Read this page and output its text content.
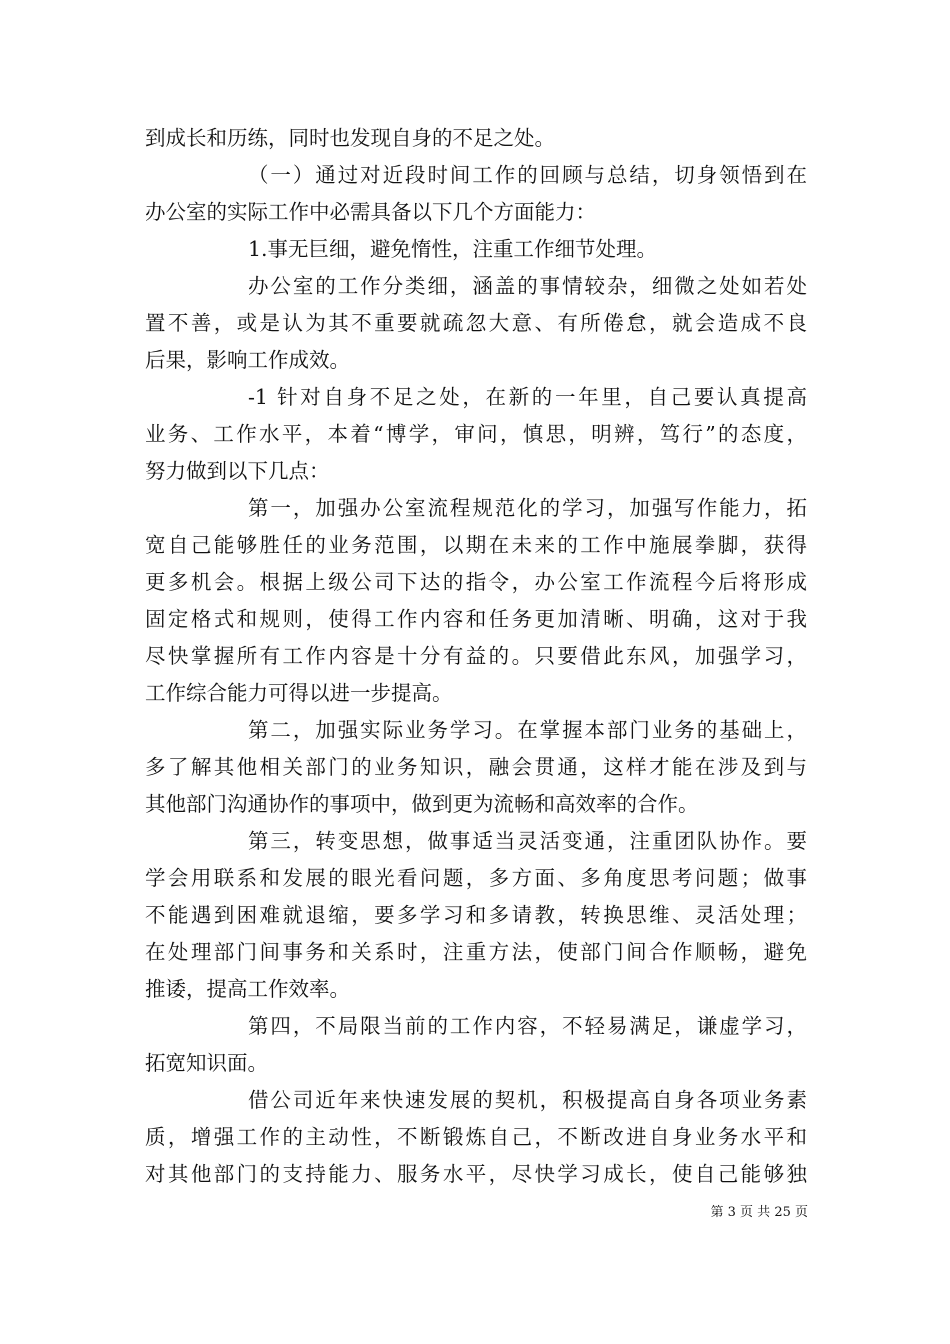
到成长和历练，同时也发现自身的不足之处。
（一）通过对近段时间工作的回顾与总结，切身领悟到在
办公室的实际工作中必需具备以下几个方面能力：
1.事无巨细，避免惰性，注重工作细节处理。
办公室的工作分类细，涵盖的事情较杂，细微之处如若处
置不善，或是认为其不重要就疏忽大意、有所倦怠，就会造成不良
后果，影响工作成效。
-1 针对自身不足之处，在新的一年里，自己要认真提高
业务、工作水平，本着“博学，审问，慎思，明辨，笃行”的态度，
努力做到以下几点：
第一，加强办公室流程规范化的学习，加强写作能力，拓
宽自己能够胜任的业务范围，以期在未来的工作中施展拳脚，获得
更多机会。根据上级公司下达的指令，办公室工作流程今后将形成
固定格式和规则，使得工作内容和任务更加清晰、明确，这对于我
尽快掌握所有工作内容是十分有益的。只要借此东风，加强学习，
工作综合能力可得以进一步提高。
第二，加强实际业务学习。在掌握本部门业务的基础上，
多了解其他相关部门的业务知识，融会贯通，这样才能在涉及到与
其他部门沟通协作的事项中，做到更为流畅和高效率的合作。
第三，转变思想，做事适当灵活变通，注重团队协作。要
学会用联系和发展的眼光看问题，多方面、多角度思考问题；做事
不能遇到困难就退缩，要多学习和多请教，转换思维、灵活处理；
在处理部门间事务和关系时，注重方法，使部门间合作顺畅，避免
推诿，提高工作效率。
第四，不局限当前的工作内容，不轻易满足，谦虚学习，
拓宽知识面。
借公司近年来快速发展的契机，积极提高自身各项业务素
质，增强工作的主动性，不断锻炼自己，不断改进自身业务水平和
对其他部门的支持能力、服务水平，尽快学习成长，使自己能够独
第 3 页 共 25 页
